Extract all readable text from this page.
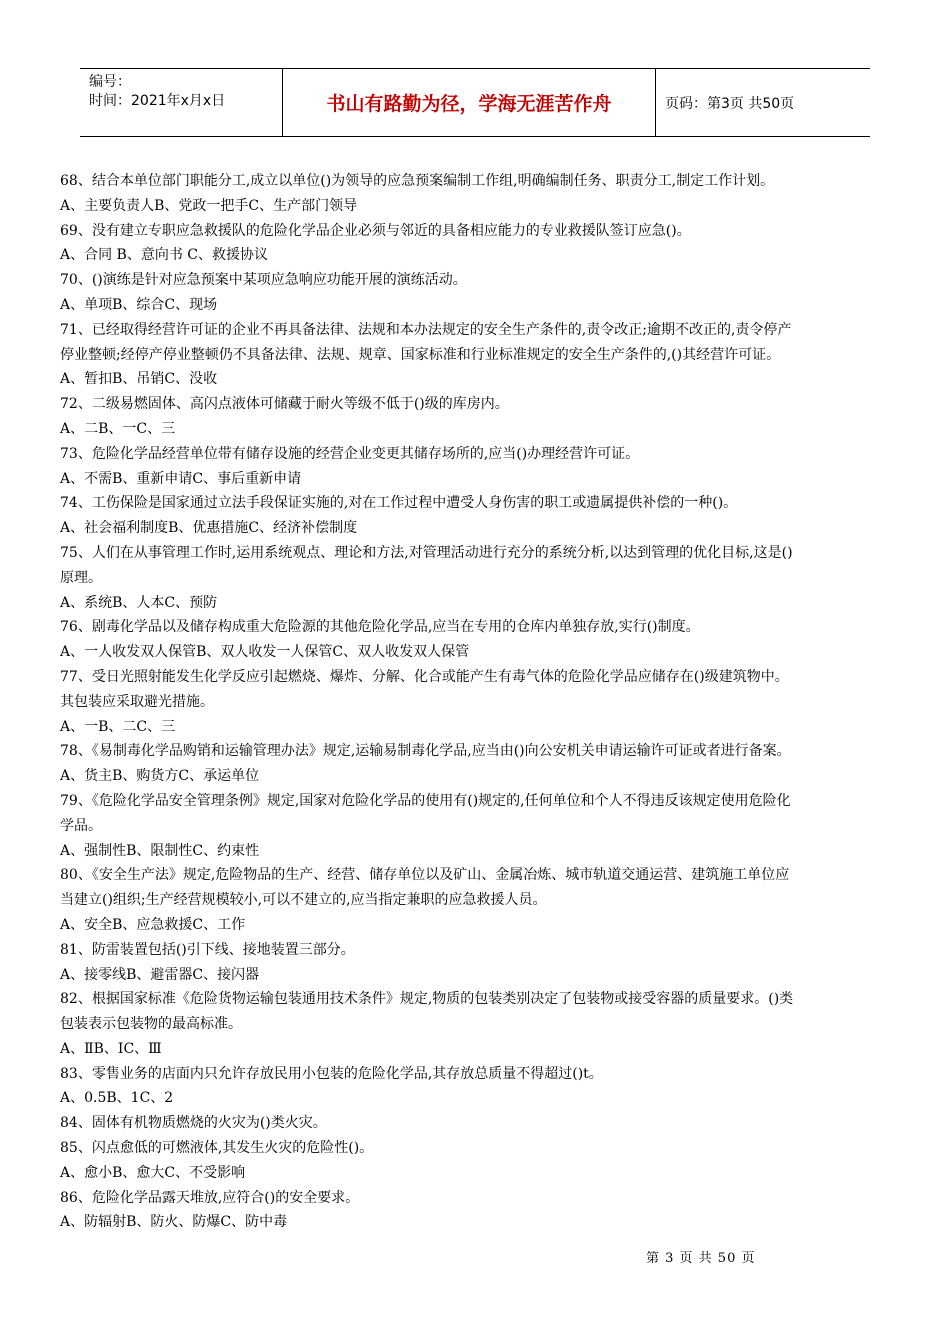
编号：
时间：2021年x月x日	书山有路勤为径，学海无涯苦作舟	页码：第3页 共50页
68、结合本单位部门职能分工,成立以单位()为领导的应急预案编制工作组,明确编制任务、职责分工,制定工作计划。
A、主要负责人B、党政一把手C、生产部门领导
69、没有建立专职应急救援队的危险化学品企业必须与邻近的具备相应能力的专业救援队签订应急()。
A、合同 B、意向书 C、救援协议
70、()演练是针对应急预案中某项应急响应功能开展的演练活动。
A、单项B、综合C、现场
71、已经取得经营许可证的企业不再具备法律、法规和本办法规定的安全生产条件的,责令改正;逾期不改正的,责令停产
停业整顿;经停产停业整顿仍不具备法律、法规、规章、国家标准和行业标准规定的安全生产条件的,()其经营许可证。
A、暂扣B、吊销C、没收
72、二级易燃固体、高闪点液体可储藏于耐火等级不低于()级的库房内。
A、二B、一C、三
73、危险化学品经营单位带有储存设施的经营企业变更其储存场所的,应当()办理经营许可证。
A、不需B、重新申请C、事后重新申请
74、工伤保险是国家通过立法手段保证实施的,对在工作过程中遭受人身伤害的职工或遗属提供补偿的一种()。
A、社会福利制度B、优惠措施C、经济补偿制度
75、人们在从事管理工作时,运用系统观点、理论和方法,对管理活动进行充分的系统分析,以达到管理的优化目标,这是()
原理。
A、系统B、人本C、预防
76、剧毒化学品以及储存构成重大危险源的其他危险化学品,应当在专用的仓库内单独存放,实行()制度。
A、一人收发双人保管B、双人收发一人保管C、双人收发双人保管
77、受日光照射能发生化学反应引起燃烧、爆炸、分解、化合或能产生有毒气体的危险化学品应储存在()级建筑物中。
其包装应采取避光措施。
A、一B、二C、三
78、《易制毒化学品购销和运输管理办法》规定,运输易制毒化学品,应当由()向公安机关申请运输许可证或者进行备案。
A、货主B、购货方C、承运单位
79、《危险化学品安全管理条例》规定,国家对危险化学品的使用有()规定的,任何单位和个人不得违反该规定使用危险化
学品。
A、强制性B、限制性C、约束性
80、《安全生产法》规定,危险物品的生产、经营、储存单位以及矿山、金属冶炼、城市轨道交通运营、建筑施工单位应
当建立()组织;生产经营规模较小,可以不建立的,应当指定兼职的应急救援人员。
A、安全B、应急救援C、工作
81、防雷装置包括()引下线、接地装置三部分。
A、接零线B、避雷器C、接闪器
82、根据国家标准《危险货物运输包装通用技术条件》规定,物质的包装类别决定了包装物或接受容器的质量要求。()类
包装表示包装物的最高标准。
A、ⅡB、ⅠC、Ⅲ
83、零售业务的店面内只允许存放民用小包装的危险化学品,其存放总质量不得超过()t。
A、0.5B、1C、2
84、固体有机物质燃烧的火灾为()类火灾。
85、闪点愈低的可燃液体,其发生火灾的危险性()。
A、愈小B、愈大C、不受影响
86、危险化学品露天堆放,应符合()的安全要求。
A、防辐射B、防火、防爆C、防中毒
第 3 页 共 50 页
